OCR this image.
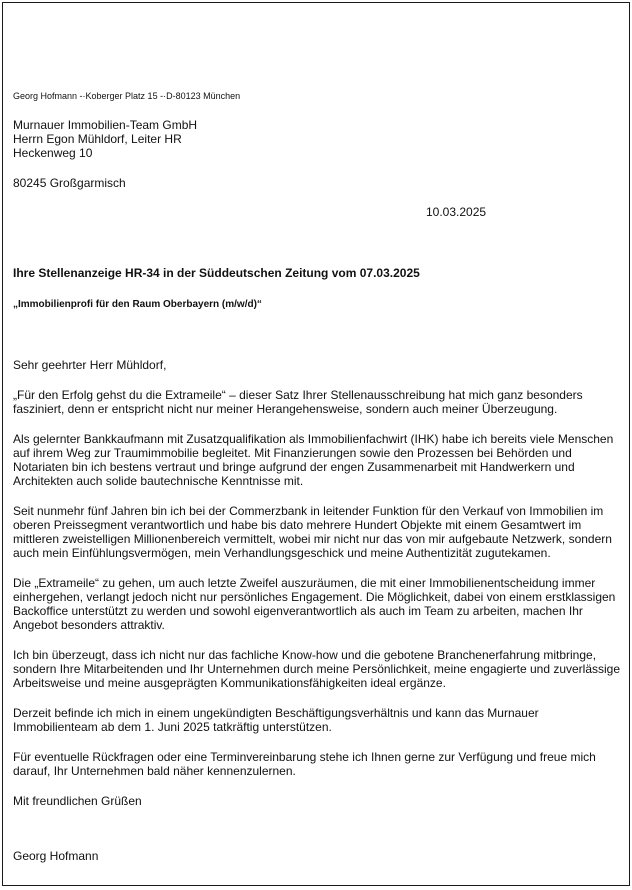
Georg Hofmann -·Koberger Platz 15 -·D-80123 München
Murnauer Immobilien-Team GmbH
Herrn Egon Mühldorf, Leiter HR
Heckenweg 10
80245 Großgarmisch
10.03.2025
Ihre Stellenanzeige HR-34 in der Süddeutschen Zeitung vom 07.03.2025
„Immobilienprofi für den Raum Oberbayern (m/w/d)“

Sehr geehrter Herr Mühldorf,

„Für den Erfolg gehst du die Extrameile“ – dieser Satz Ihrer Stellenausschreibung hat mich ganz besonders fasziniert, denn er entspricht nicht nur meiner Herangehensweise, sondern auch meiner Überzeugung.

Als gelernter Bankkaufmann mit Zusatzqualifikation als Immobilienfachwirt (IHK) habe ich bereits viele Menschen auf ihrem Weg zur Traumimmobilie begleitet. Mit Finanzierungen sowie den Prozessen bei Behörden und Notariaten bin ich bestens vertraut und bringe aufgrund der engen Zusammenarbeit mit Handwerkern und Architekten auch solide bautechnische Kenntnisse mit.

Seit nunmehr fünf Jahren bin ich bei der Commerzbank in leitender Funktion für den Verkauf von Immobilien im oberen Preissegment verantwortlich und habe bis dato mehrere Hundert Objekte mit einem Gesamtwert im mittleren zweistelligen Millionenbereich vermittelt, wobei mir nicht nur das von mir aufgebaute Netzwerk, sondern auch mein Einfühlungsvermögen, mein Verhandlungsgeschick und meine Authentizität zugutekamen.

Die „Extrameile“ zu gehen, um auch letzte Zweifel auszuräumen, die mit einer Immobilienentscheidung immer einhergehen, verlangt jedoch nicht nur persönliches Engagement. Die Möglichkeit, dabei von einem erstklassigen Backoffice unterstützt zu werden und sowohl eigenverantwortlich als auch im Team zu arbeiten, machen Ihr Angebot besonders attraktiv.

Ich bin überzeugt, dass ich nicht nur das fachliche Know-how und die gebotene Branchenerfahrung mitbringe, sondern Ihre Mitarbeitenden und Ihr Unternehmen durch meine Persönlichkeit, meine engagierte und zuverlässige Arbeitsweise und meine ausgeprägten Kommunikationsfähigkeiten ideal ergänze.

Derzeit befinde ich mich in einem ungekündigten Beschäftigungsverhältnis und kann das Murnauer Immobilienteam ab dem 1. Juni 2025 tatkräftig unterstützen.

Für eventuelle Rückfragen oder eine Terminvereinbarung stehe ich Ihnen gerne zur Verfügung und freue mich darauf, Ihr Unternehmen bald näher kennenzulernen.

Mit freundlichen Grüßen

Georg Hofmann
